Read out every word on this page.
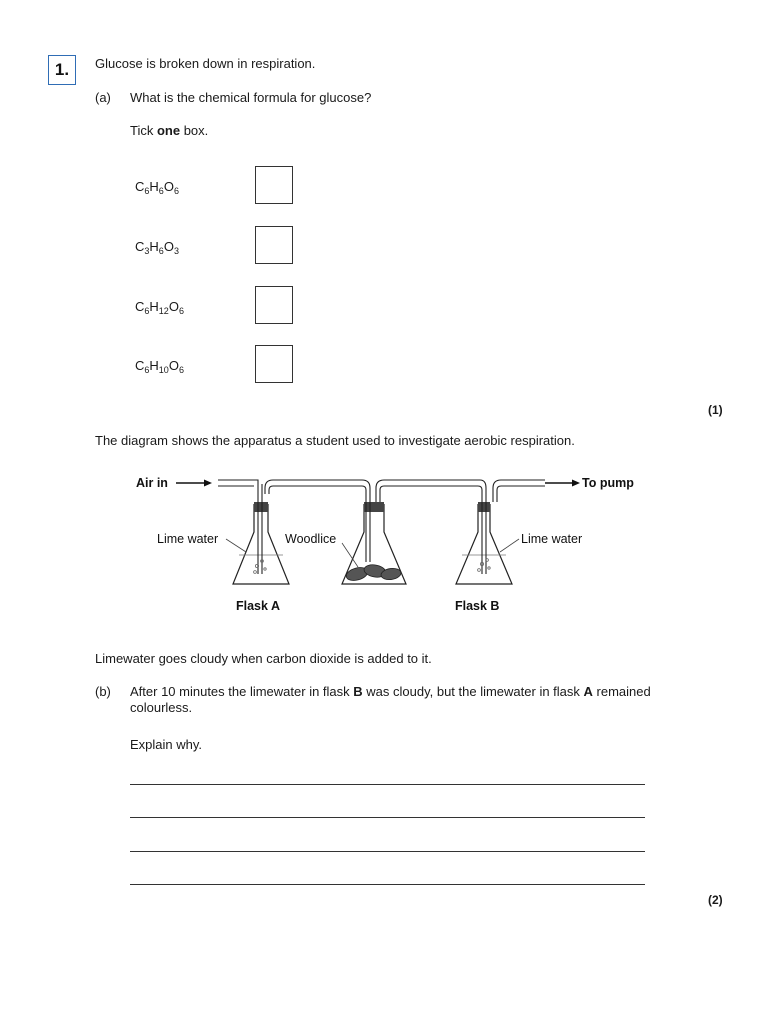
1.	Glucose is broken down in respiration.
(a) What is the chemical formula for glucose?
Tick one box.
$C_6H_6O_6$
$C_3H_6O_3$
$C_6H_{12}O_6$
$C_6H_{10}O_6$
(1)
The diagram shows the apparatus a student used to investigate aerobic respiration.
Air in	To pump
Lime water	Woodlice	Lime water
Flask A	Flask B
Limewater goes cloudy when carbon dioxide is added to it.
(b) After 10 minutes the limewater in flask B was cloudy, but the limewater in flask A remained colourless.
Explain why.
(2)
